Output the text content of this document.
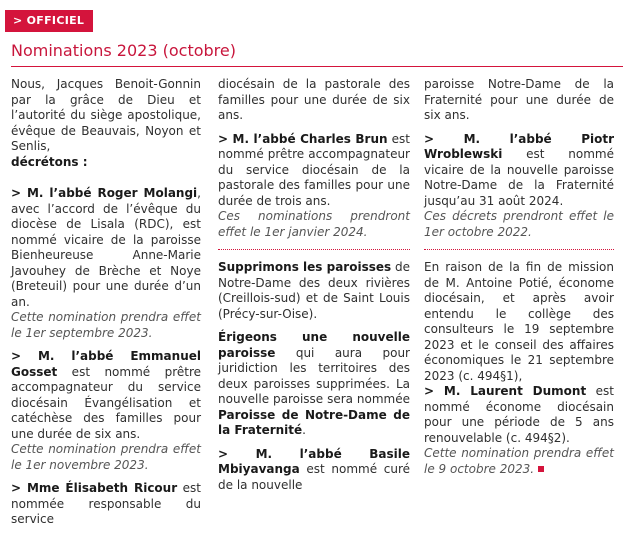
> OFFICIEL
Nominations 2023 (octobre)

Nous, Jacques Benoit-Gonnin par la grâce de Dieu et l’autorité du siège apostolique, évêque de Beauvais, Noyon et Senlis,
décrétons :

> M. l’abbé Roger Molangi, avec l’accord de l’évêque du diocèse de Lisala (RDC), est nommé vicaire de la paroisse Bienheureuse Anne-Marie Javouhey de Brèche et Noye (Breteuil) pour une durée d’un an.
Cette nomination prendra effet le 1er septembre 2023.

> M. l’abbé Emmanuel Gosset est nommé prêtre accompagnateur du service diocésain Évangélisation et catéchèse des familles pour une durée de six ans.
Cette nomination prendra effet le 1er novembre 2023.

> Mme Élisabeth Ricour est nommée responsable du service

diocésain de la pastorale des familles pour une durée de six ans.

> M. l’abbé Charles Brun est nommé prêtre accompagnateur du service diocésain de la pastorale des familles pour une durée de trois ans.
Ces nominations prendront effet le 1er janvier 2024.

Supprimons les paroisses de Notre-Dame des deux rivières (Creillois-sud) et de Saint Louis (Précy-sur-Oise).

Érigeons une nouvelle paroisse qui aura pour juridiction les territoires des deux paroisses supprimées. La nouvelle paroisse sera nommée Paroisse de Notre-Dame de la Fraternité.

> M. l’abbé Basile Mbiyavanga est nommé curé de la nouvelle

paroisse Notre-Dame de la Fraternité pour une durée de six ans.

> M. l’abbé Piotr Wroblewski est nommé vicaire de la nouvelle paroisse Notre-Dame de la Fraternité jusqu’au 31 août 2024.
Ces décrets prendront effet le 1er octobre 2022.

En raison de la fin de mission de M. Antoine Potié, économe diocésain, et après avoir entendu le collège des consulteurs le 19 septembre 2023 et le conseil des affaires économiques le 21 septembre 2023 (c. 494§1),
> M. Laurent Dumont est nommé économe diocésain pour une période de 5 ans renouvelable (c. 494§2).
Cette nomination prendra effet le 9 octobre 2023.
